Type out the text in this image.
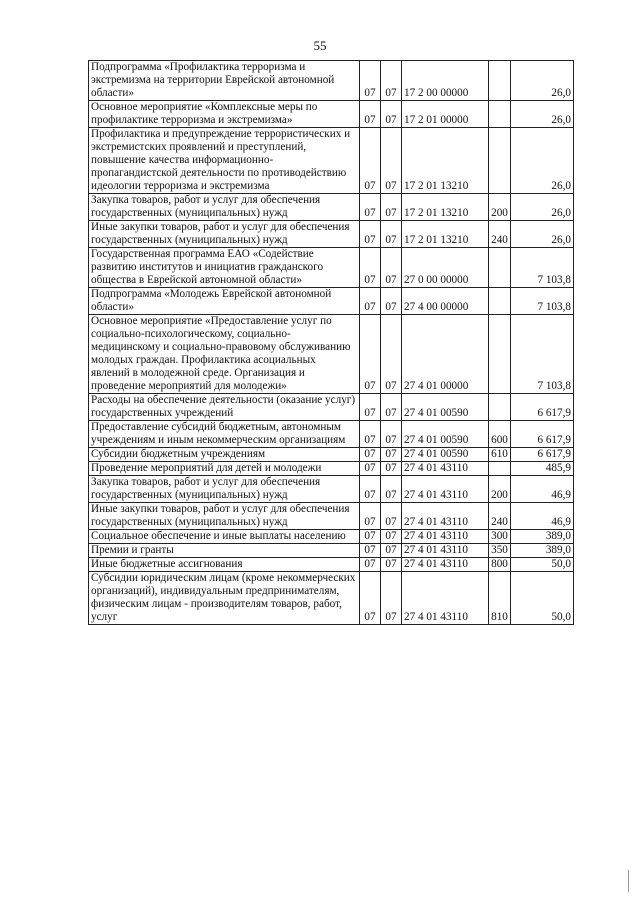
55
Подпрограмма «Профилактика терроризма и экстремизма на территории Еврейской автономной области»	07	07	17 2 00 00000		26,0
Основное мероприятие «Комплексные меры по профилактике терроризма и экстремизма»	07	07	17 2 01 00000		26,0
Профилактика и предупреждение террористических и экстремистских проявлений и преступлений, повышение качества информационно-пропагандистской деятельности по противодействию идеологии терроризма и экстремизма	07	07	17 2 01 13210		26,0
Закупка товаров, работ и услуг для обеспечения государственных (муниципальных) нужд	07	07	17 2 01 13210	200	26,0
Иные закупки товаров, работ и услуг для обеспечения государственных (муниципальных) нужд	07	07	17 2 01 13210	240	26,0
Государственная программа ЕАО «Содействие развитию институтов и инициатив гражданского общества в Еврейской автономной области»	07	07	27 0 00 00000		7 103,8
Подпрограмма «Молодежь Еврейской автономной области»	07	07	27 4 00 00000		7 103,8
Основное мероприятие «Предоставление услуг по социально-психологическому, социально-медицинскому и социально-правовому обслуживанию молодых граждан. Профилактика асоциальных явлений в молодежной среде. Организация и проведение мероприятий для молодежи»	07	07	27 4 01 00000		7 103,8
Расходы на обеспечение деятельности (оказание услуг) государственных учреждений	07	07	27 4 01 00590		6 617,9
Предоставление субсидий бюджетным, автономным учреждениям и иным некоммерческим организациям	07	07	27 4 01 00590	600	6 617,9
Субсидии бюджетным учреждениям	07	07	27 4 01 00590	610	6 617,9
Проведение мероприятий для детей и молодежи	07	07	27 4 01 43110		485,9
Закупка товаров, работ и услуг для обеспечения государственных (муниципальных) нужд	07	07	27 4 01 43110	200	46,9
Иные закупки товаров, работ и услуг для обеспечения государственных (муниципальных) нужд	07	07	27 4 01 43110	240	46,9
Социальное обеспечение и иные выплаты населению	07	07	27 4 01 43110	300	389,0
Премии и гранты	07	07	27 4 01 43110	350	389,0
Иные бюджетные ассигнования	07	07	27 4 01 43110	800	50,0
Субсидии юридическим лицам (кроме некоммерческих организаций), индивидуальным предпринимателям, физическим лицам - производителям товаров, работ, услуг	07	07	27 4 01 43110	810	50,0
